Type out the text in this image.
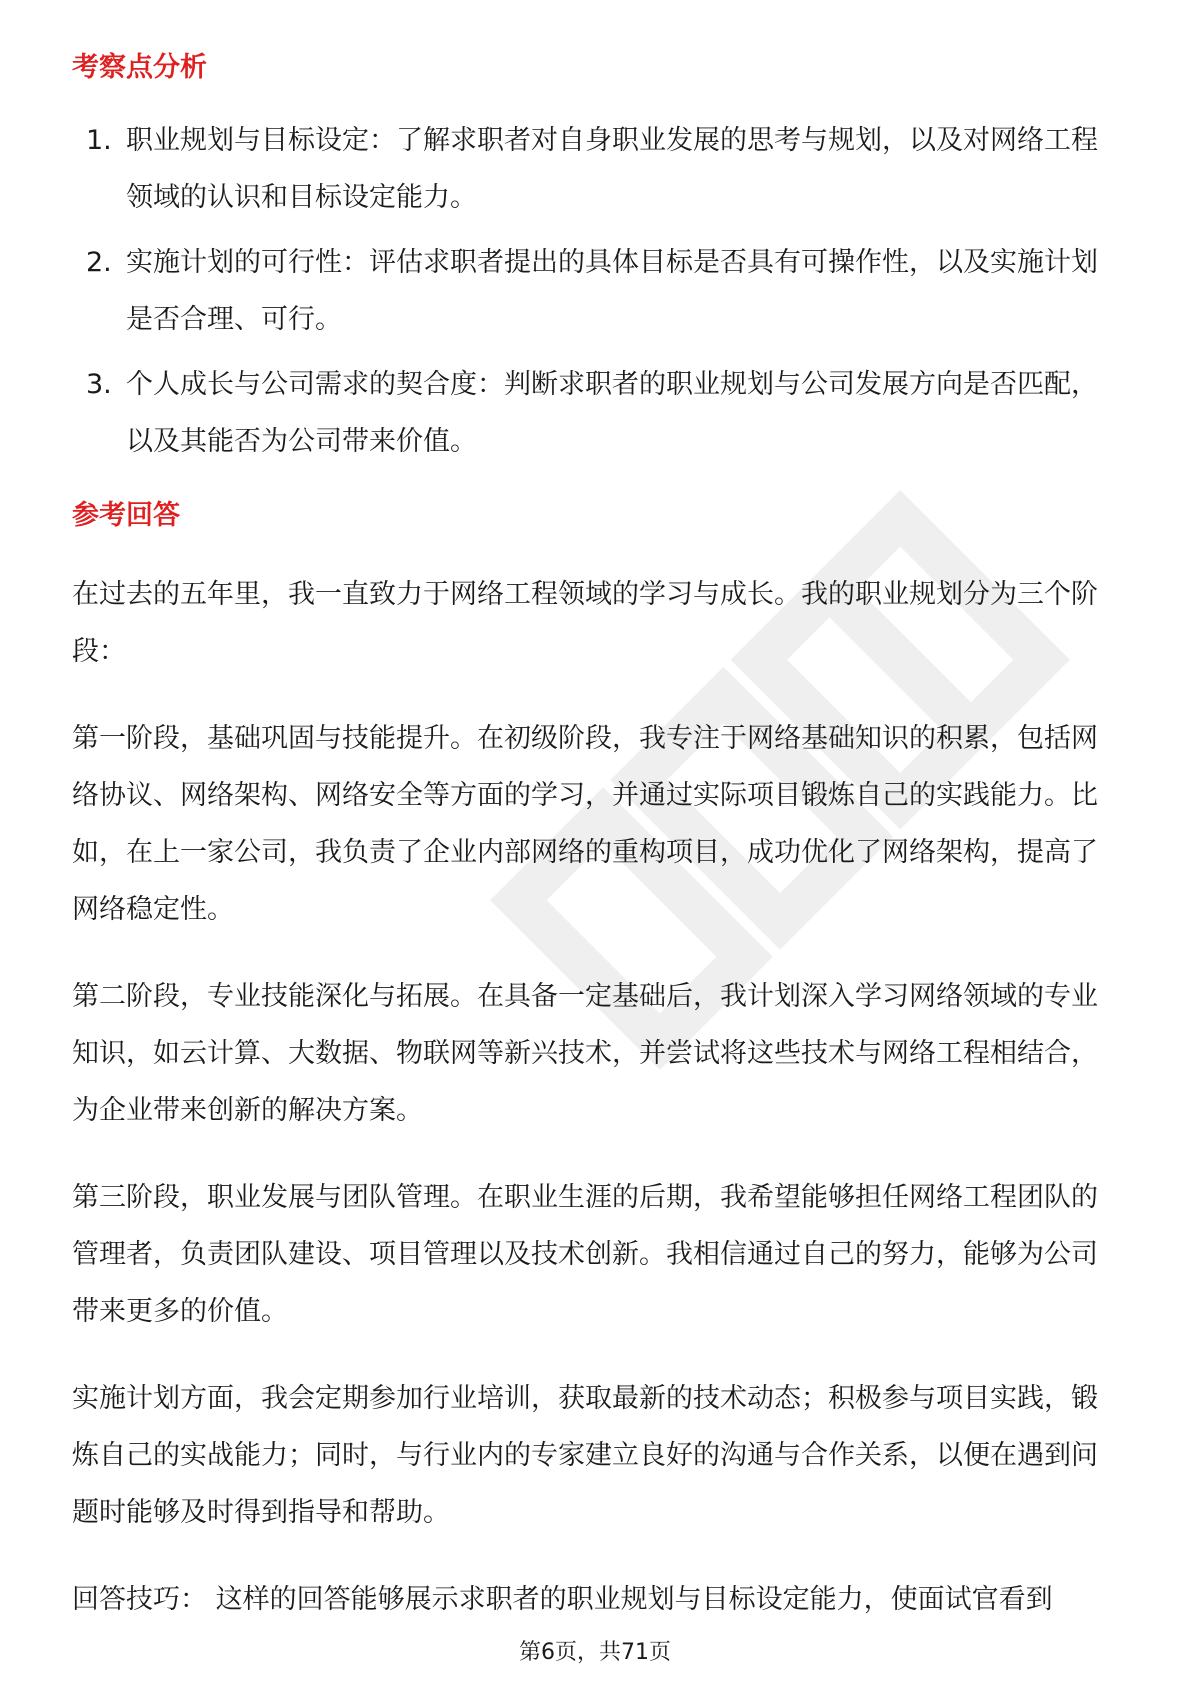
考察点分析
1. 职业规划与目标设定：了解求职者对自身职业发展的思考与规划，以及对网络工程领域的认识和目标设定能力。
2. 实施计划的可行性：评估求职者提出的具体目标是否具有可操作性，以及实施计划是否合理、可行。
3. 个人成长与公司需求的契合度：判断求职者的职业规划与公司发展方向是否匹配，以及其能否为公司带来价值。
参考回答

在过去的五年里，我一直致力于网络工程领域的学习与成长。我的职业规划分为三个阶段：

第一阶段，基础巩固与技能提升。在初级阶段，我专注于网络基础知识的积累，包括网络协议、网络架构、网络安全等方面的学习，并通过实际项目锻炼自己的实践能力。比如，在上一家公司，我负责了企业内部网络的重构项目，成功优化了网络架构，提高了网络稳定性。

第二阶段，专业技能深化与拓展。在具备一定基础后，我计划深入学习网络领域的专业知识，如云计算、大数据、物联网等新兴技术，并尝试将这些技术与网络工程相结合，为企业带来创新的解决方案。

第三阶段，职业发展与团队管理。在职业生涯的后期，我希望能够担任网络工程团队的管理者，负责团队建设、项目管理以及技术创新。我相信通过自己的努力，能够为公司带来更多的价值。

实施计划方面，我会定期参加行业培训，获取最新的技术动态；积极参与项目实践，锻炼自己的实战能力；同时，与行业内的专家建立良好的沟通与合作关系，以便在遇到问题时能够及时得到指导和帮助。

回答技巧： 这样的回答能够展示求职者的职业规划与目标设定能力，使面试官看到

第6页，共71页
